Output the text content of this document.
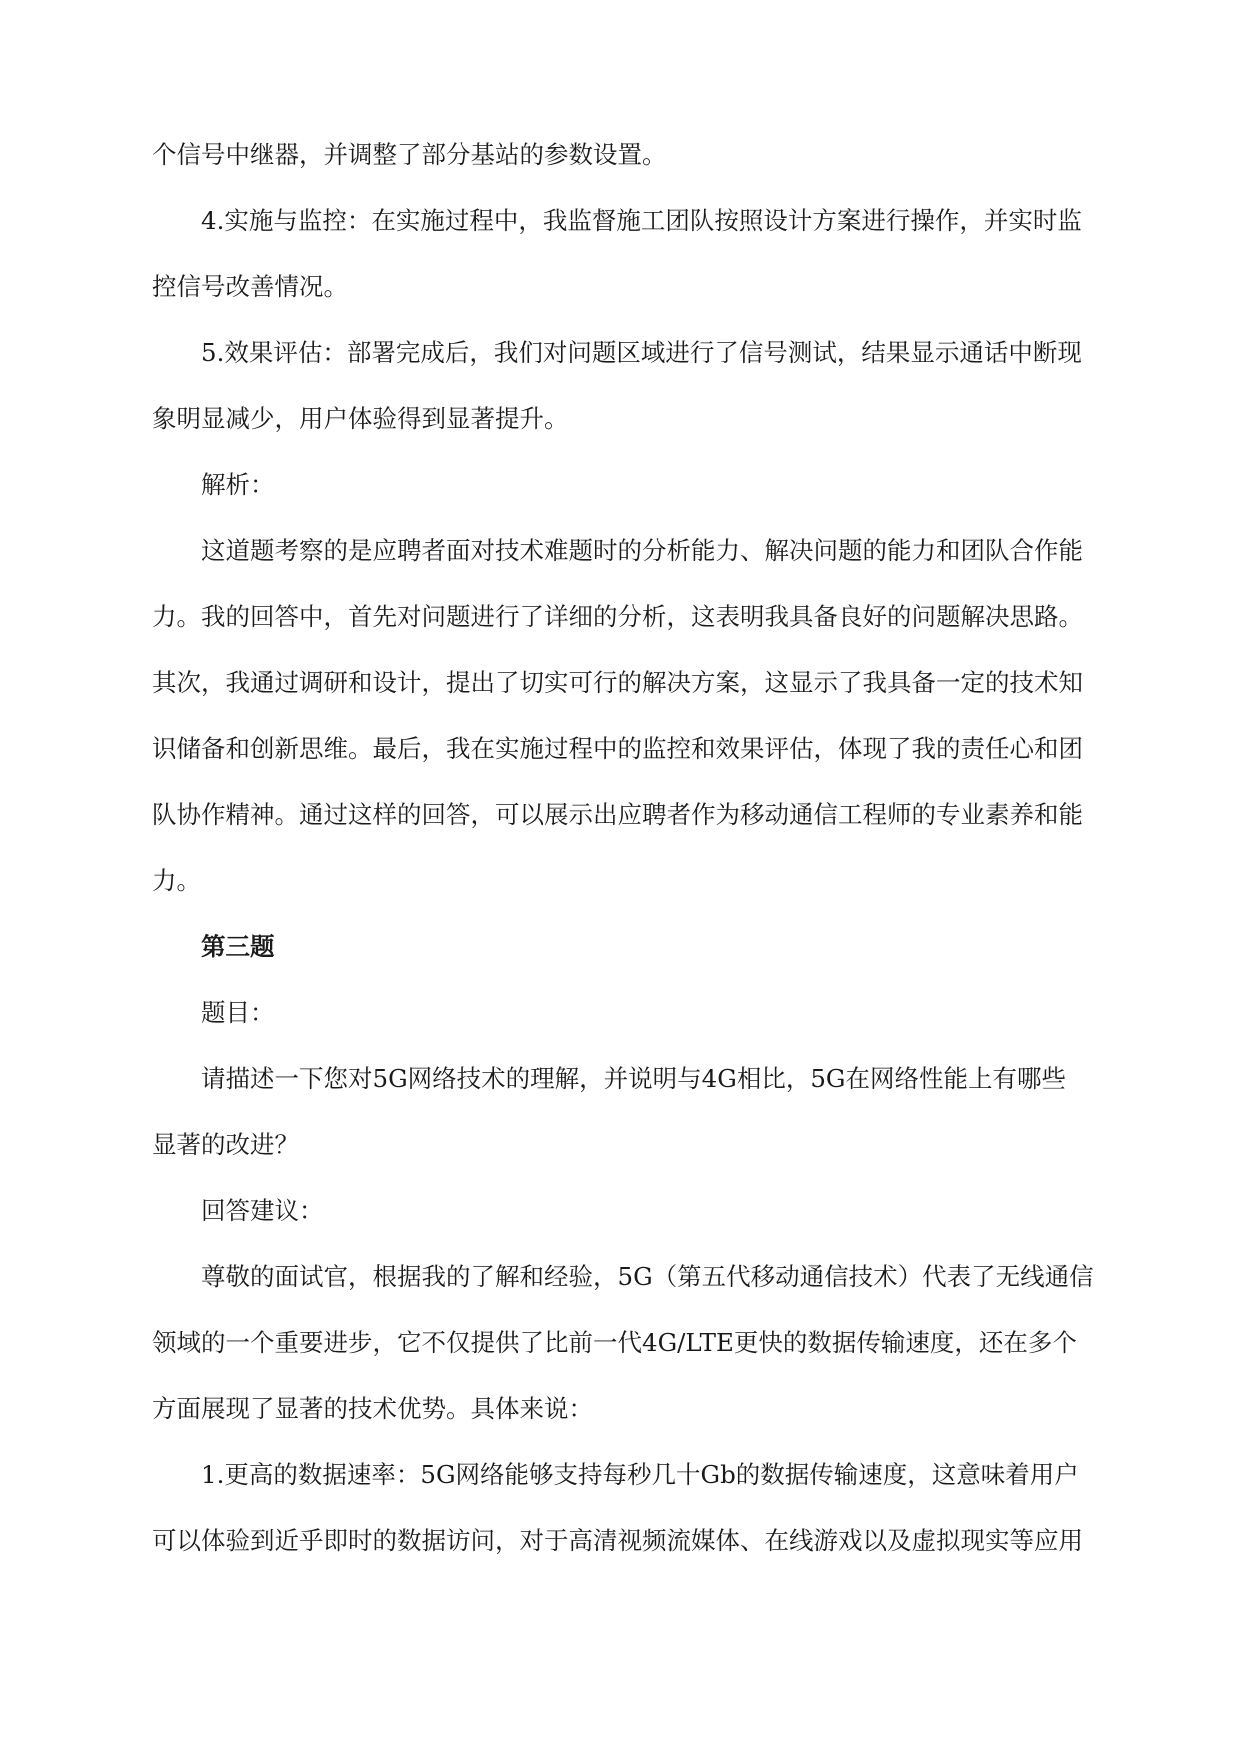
个信号中继器，并调整了部分基站的参数设置。
4.实施与监控：在实施过程中，我监督施工团队按照设计方案进行操作，并实时监
控信号改善情况。
5.效果评估：部署完成后，我们对问题区域进行了信号测试，结果显示通话中断现
象明显减少，用户体验得到显著提升。
解析：
这道题考察的是应聘者面对技术难题时的分析能力、解决问题的能力和团队合作能
力。我的回答中，首先对问题进行了详细的分析，这表明我具备良好的问题解决思路。
其次，我通过调研和设计，提出了切实可行的解决方案，这显示了我具备一定的技术知
识储备和创新思维。最后，我在实施过程中的监控和效果评估，体现了我的责任心和团
队协作精神。通过这样的回答，可以展示出应聘者作为移动通信工程师的专业素养和能
力。
第三题
题目：
请描述一下您对5G网络技术的理解，并说明与4G相比，5G在网络性能上有哪些
显著的改进？
回答建议：
尊敬的面试官，根据我的了解和经验，5G（第五代移动通信技术）代表了无线通信
领域的一个重要进步，它不仅提供了比前一代4G/LTE更快的数据传输速度，还在多个
方面展现了显著的技术优势。具体来说：
1.更高的数据速率：5G网络能够支持每秒几十Gb的数据传输速度，这意味着用户
可以体验到近乎即时的数据访问，对于高清视频流媒体、在线游戏以及虚拟现实等应用
